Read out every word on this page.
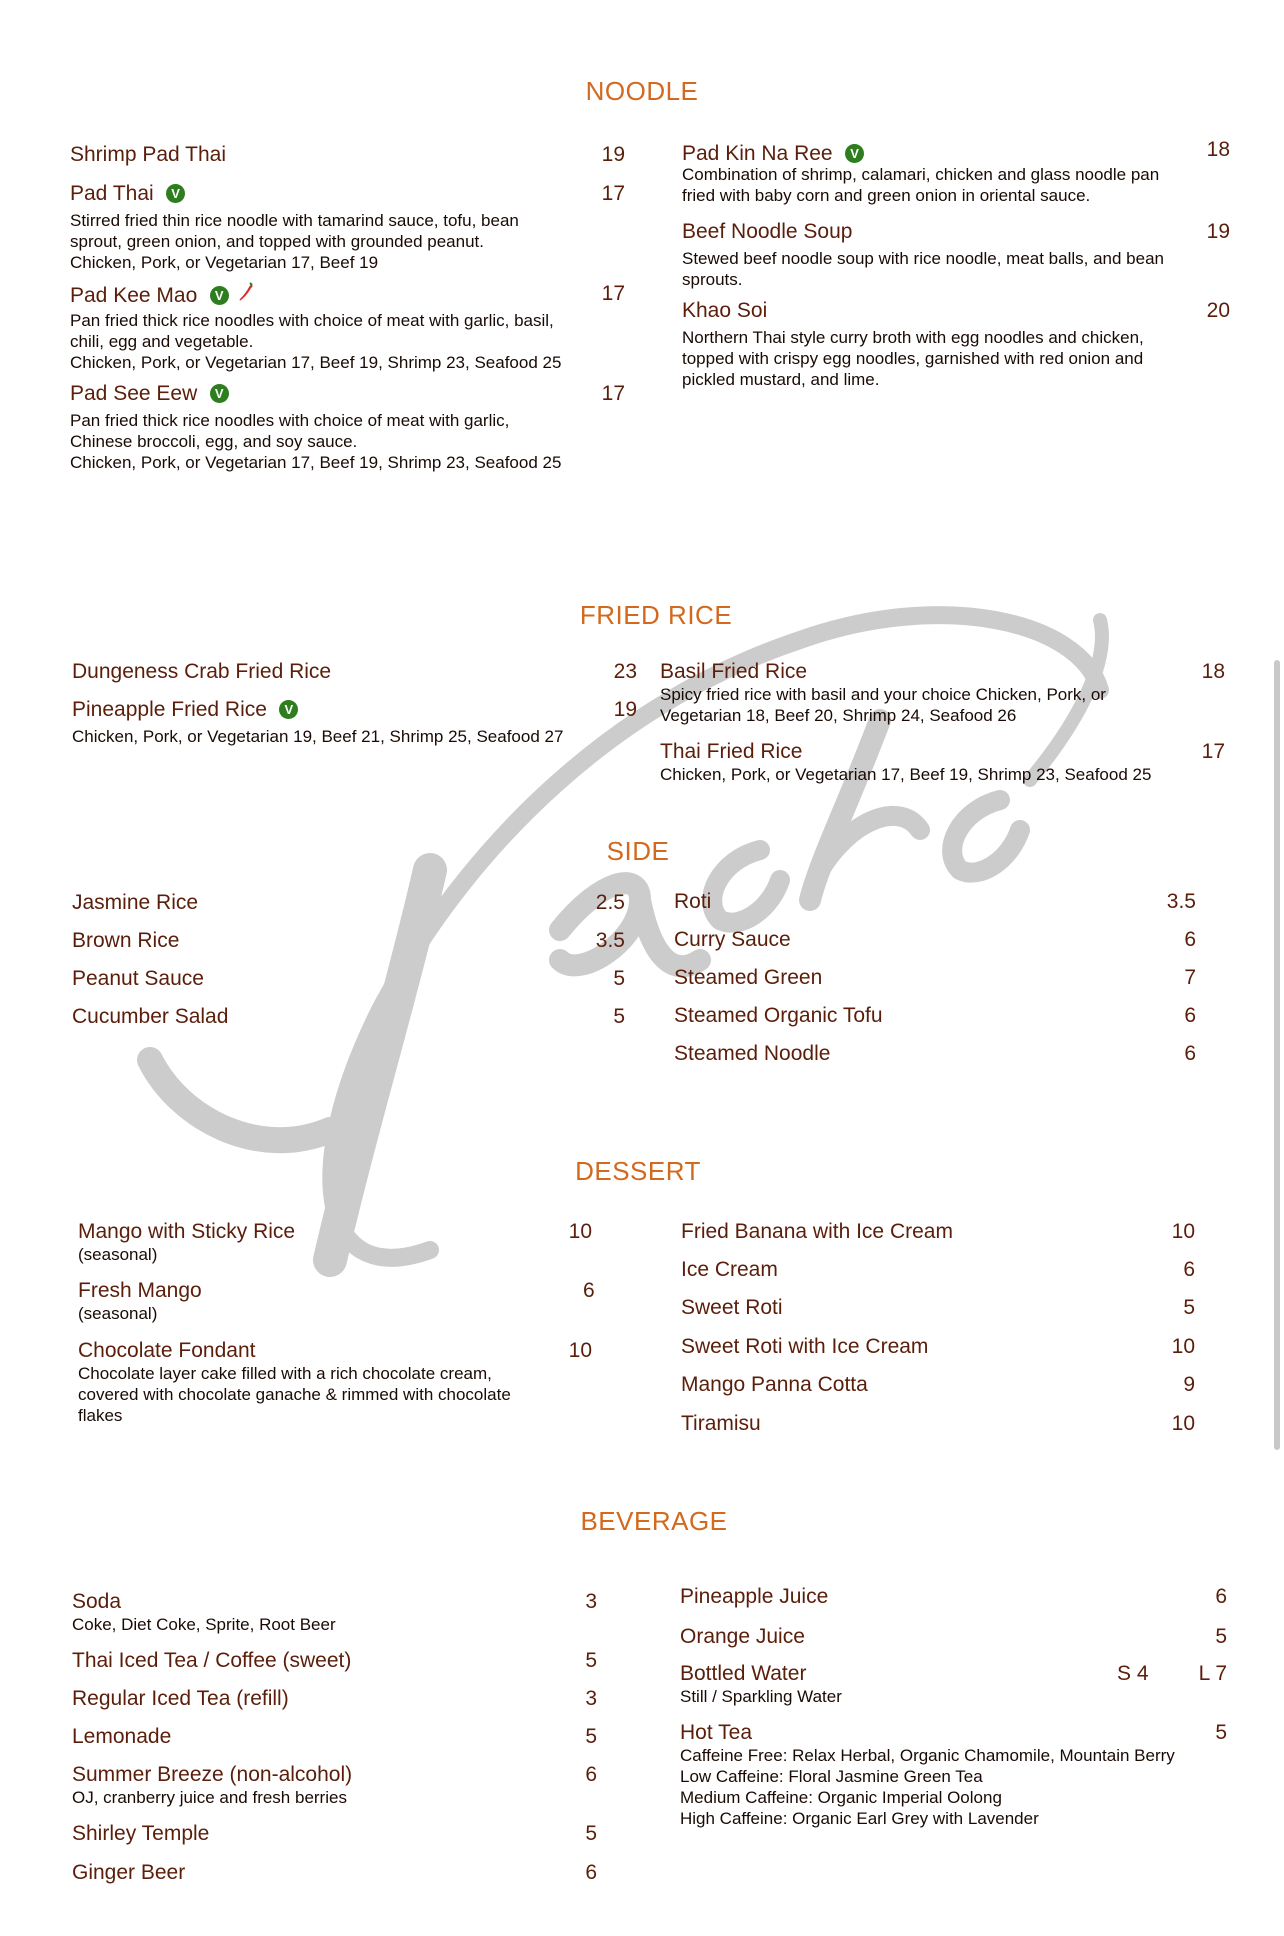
NOODLE
Shrimp Pad Thai	19
Pad Thai V	17
Stirred fried thin rice noodle with tamarind sauce, tofu, bean
sprout, green onion, and topped with grounded peanut.
Chicken, Pork, or Vegetarian 17, Beef 19
Pad Kee Mao V	17
Pan fried thick rice noodles with choice of meat with garlic, basil,
chili, egg and vegetable.
Chicken, Pork, or Vegetarian 17, Beef 19, Shrimp 23, Seafood 25
Pad See Eew V	17
Pan fried thick rice noodles with choice of meat with garlic,
Chinese broccoli, egg, and soy sauce.
Chicken, Pork, or Vegetarian 17, Beef 19, Shrimp 23, Seafood 25
Pad Kin Na Ree V	18
Combination of shrimp, calamari, chicken and glass noodle pan
fried with baby corn and green onion in oriental sauce.
Beef Noodle Soup	19
Stewed beef noodle soup with rice noodle, meat balls, and bean
sprouts.
Khao Soi	20
Northern Thai style curry broth with egg noodles and chicken,
topped with crispy egg noodles, garnished with red onion and
pickled mustard, and lime.
FRIED RICE
Dungeness Crab Fried Rice	23
Pineapple Fried Rice V	19
Chicken, Pork, or Vegetarian 19, Beef 21, Shrimp 25, Seafood 27
Basil Fried Rice	18
Spicy fried rice with basil and your choice Chicken, Pork, or
Vegetarian 18, Beef 20, Shrimp 24, Seafood 26
Thai Fried Rice	17
Chicken, Pork, or Vegetarian 17, Beef 19, Shrimp 23, Seafood 25
SIDE
Jasmine Rice	2.5
Brown Rice	3.5
Peanut Sauce	5
Cucumber Salad	5
Roti	3.5
Curry Sauce	6
Steamed Green	7
Steamed Organic Tofu	6
Steamed Noodle	6
DESSERT
Mango with Sticky Rice	10
(seasonal)
Fresh Mango	6
(seasonal)
Chocolate Fondant	10
Chocolate layer cake filled with a rich chocolate cream,
covered with chocolate ganache & rimmed with chocolate
flakes
Fried Banana with Ice Cream	10
Ice Cream	6
Sweet Roti	5
Sweet Roti with Ice Cream	10
Mango Panna Cotta	9
Tiramisu	10
BEVERAGE
Soda	3
Coke, Diet Coke, Sprite, Root Beer
Thai Iced Tea / Coffee (sweet)	5
Regular Iced Tea (refill)	3
Lemonade	5
Summer Breeze (non-alcohol)	6
OJ, cranberry juice and fresh berries
Shirley Temple	5
Ginger Beer	6
Pineapple Juice	6
Orange Juice	5
Bottled Water	S 4 L 7
Still / Sparkling Water
Hot Tea	5
Caffeine Free: Relax Herbal, Organic Chamomile, Mountain Berry
Low Caffeine: Floral Jasmine Green Tea
Medium Caffeine: Organic Imperial Oolong
High Caffeine: Organic Earl Grey with Lavender
